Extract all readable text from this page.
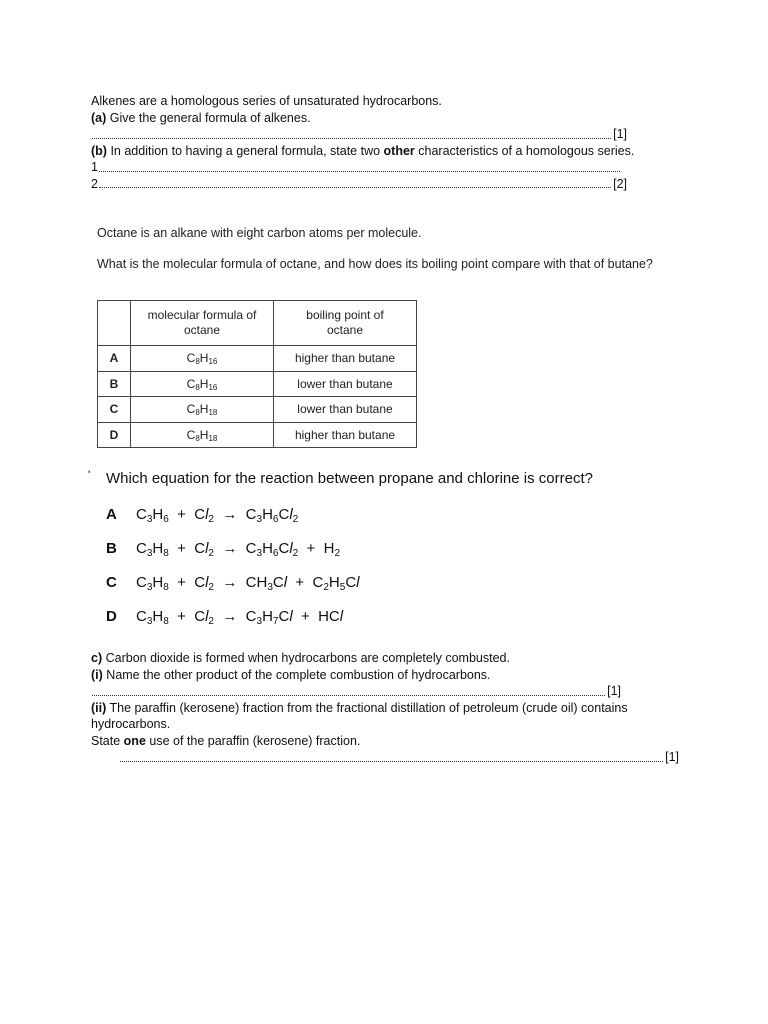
Alkenes are a homologous series of unsaturated hydrocarbons.
(a) Give the general formula of alkenes.
[1]
(b) In addition to having a general formula, state two other characteristics of a homologous series.
1
2	[2]
Octane is an alkane with eight carbon atoms per molecule.
What is the molecular formula of octane, and how does its boiling point compare with that of butane?

	molecular formula of octane	boiling point of octane

A	$C_8H_{16}$	higher than butane
B	$C_8H_{16}$	lower than butane
C	$C_8H_{18}$	lower than butane
D	$C_8H_{18}$	higher than butane
' Which equation for the reaction between propane and chlorine is correct?
A	$C_3H_6 + Cl_2 \to C_3H_6Cl_2$
B	$C_3H_8 + Cl_2 \to C_3H_6Cl_2 + H_2$
C	$C_3H_8 + Cl_2 \to CH_3Cl + C_2H_5Cl$
D	$C_3H_8 + Cl_2 \to C_3H_7Cl$  +  HCl
c) Carbon dioxide is formed when hydrocarbons are completely combusted.
(i) Name the other product of the complete combustion of hydrocarbons.
[1]
(ii) The paraffin (kerosene) fraction from the fractional distillation of petroleum (crude oil) contains hydrocarbons.
State one use of the paraffin (kerosene) fraction.
[1]
